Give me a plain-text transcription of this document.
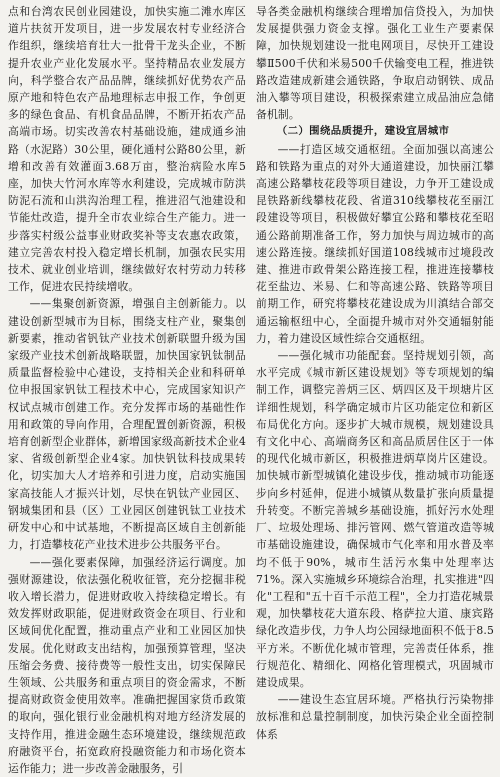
点和台湾农民创业园建设，加快实施二滩水库区道片扶贫开发项目，进一步发展农村专业经济合作组织，继续培育壮大一批骨干龙头企业，不断提升农业产业化发展水平。坚持精品农业发展方向，科学整合农产品品牌，继续抓好优势农产品原产地和特色农产品地理标志申报工作，争创更多的绿色食品、有机食品品牌，不断开拓农产品高端市场。切实改善农村基础设施，建成通乡油路（水泥路）30公里，硬化通村公路80公里，新增和改善有效灌面3.68万亩，整治病险水库5座，加快大竹河水库等水利建设，完成城市防洪防泥石流和山洪沟治理工程，推进沼气池建设和节能灶改造，提升全市农业综合生产能力。进一步落实村级公益事业财政奖补等支农惠农政策，建立完善农村投入稳定增长机制，加强农民实用技术、就业创业培训，继续做好农村劳动力转移工作，促进农民持续增收。

——集聚创新资源，增强自主创新能力。以建设创新型城市为目标，围绕支柱产业，聚集创新要素，推动省钒钛产业技术创新联盟升级为国家级产业技术创新战略联盟，加快国家钒钛制品质量监督检验中心建设，支持相关企业和科研单位申报国家钒钛工程技术中心，完成国家知识产权试点城市创建工作。充分发挥市场的基础性作用和政策的导向作用，合理配置创新资源，积极培育创新型企业群体，新增国家级高新技术企业4家、省级创新型企业4家。加快钒钛科技成果转化，切实加大人才培养和引进力度，启动实施国家高技能人才振兴计划，尽快在钒钛产业园区、钢城集团和县（区）工业园区创建钒钛工业技术研发中心和中试基地，不断提高区域自主创新能力，打造攀枝花产业技术进步公共服务平台。

——强化要素保障，加强经济运行调度。加强财源建设，依法强化税收征管，充分挖掘非税收入增长潜力，促进财政收入持续稳定增长。有效发挥财政职能，促进财政资金在项目、行业和区域间优化配置，推动重点产业和工业园区加快发展。优化财政支出结构，加强预算管理，坚决压缩会务费、接待费等一般性支出，切实保障民生领域、公共服务和重点项目的资金需求，不断提高财政资金使用效率。准确把握国家货币政策的取向，强化银行业金融机构对地方经济发展的支持作用，推进金融生态环境建设，继续规范政府融资平台，拓宽政府投融资能力和市场化资本运作能力；进一步改善金融服务，引

导各类金融机构继续合理增加信贷投入，为加快发展提供强力资金支撑。强化工业生产要素保障，加快规划建设一批电网项目，尽快开工建设攀Ⅱ500千伏和米易500千伏输变电工程，推进铁路改造建成新建会通铁路，争取启动钢铁、成品油入攀等项目建设，积极探索建立成品油应急储备机制。

（二）围绕品质提升，建设宜居城市

——打造区域交通枢纽。全面加强以高速公路和铁路为重点的对外大通道建设，加快丽江攀高速公路攀枝花段等项目建设，力争开工建设成昆铁路新线攀枝花段、省道310线攀枝花至丽江段建设等项目，积极做好攀宜公路和攀枝花至昭通公路前期准备工作，努力加快与周边城市的高速公路连接。继续抓好国道108线城市过境段改建、推进市政骨架公路连接工程，推进连接攀枝花至盐边、米易、仁和等高速公路、铁路等项目前期工作，研究将攀枝花建设成为川滇结合部交通运输枢纽中心，全面提升城市对外交通辐射能力，着力建设区域性综合交通枢纽。

——强化城市功能配套。坚持规划引领，高水平完成《城市新区建设规划》等专项规划的编制工作，调整完善炳三区、炳四区及干坝塘片区详细性规划，科学确定城市片区功能定位和新区布局优化方向。逐步扩大城市规模，规划建设具有文化中心、高端商务区和高品质居住区于一体的现代化城市新区，积极推进炳草岗片区建设。加快城市新型城镇化建设步伐，推动城市功能逐步向乡村延伸，促进小城镇从数量扩张向质量提升转变。不断完善城乡基础设施，抓好污水处理厂、垃圾处理场、排污管网、燃气管道改造等城市基础设施建设，确保城市气化率和用水普及率均不低于90%，城市生活污水集中处理率达71%。深入实施城乡环境综合治理，扎实推进"四化"工程和"五十百千示范工程"，全力打造花城景观，加快攀枝花大道东段、格萨拉大道、康宾路绿化改造步伐，力争人均公园绿地面积不低于8.5平方米。不断优化城市管理，完善责任体系，推行规范化、精细化、网格化管理模式，巩固城市建设成果。

——建设生态宜居环境。严格执行污染物排放标准和总量控制制度，加快污染企业全面控制体系
